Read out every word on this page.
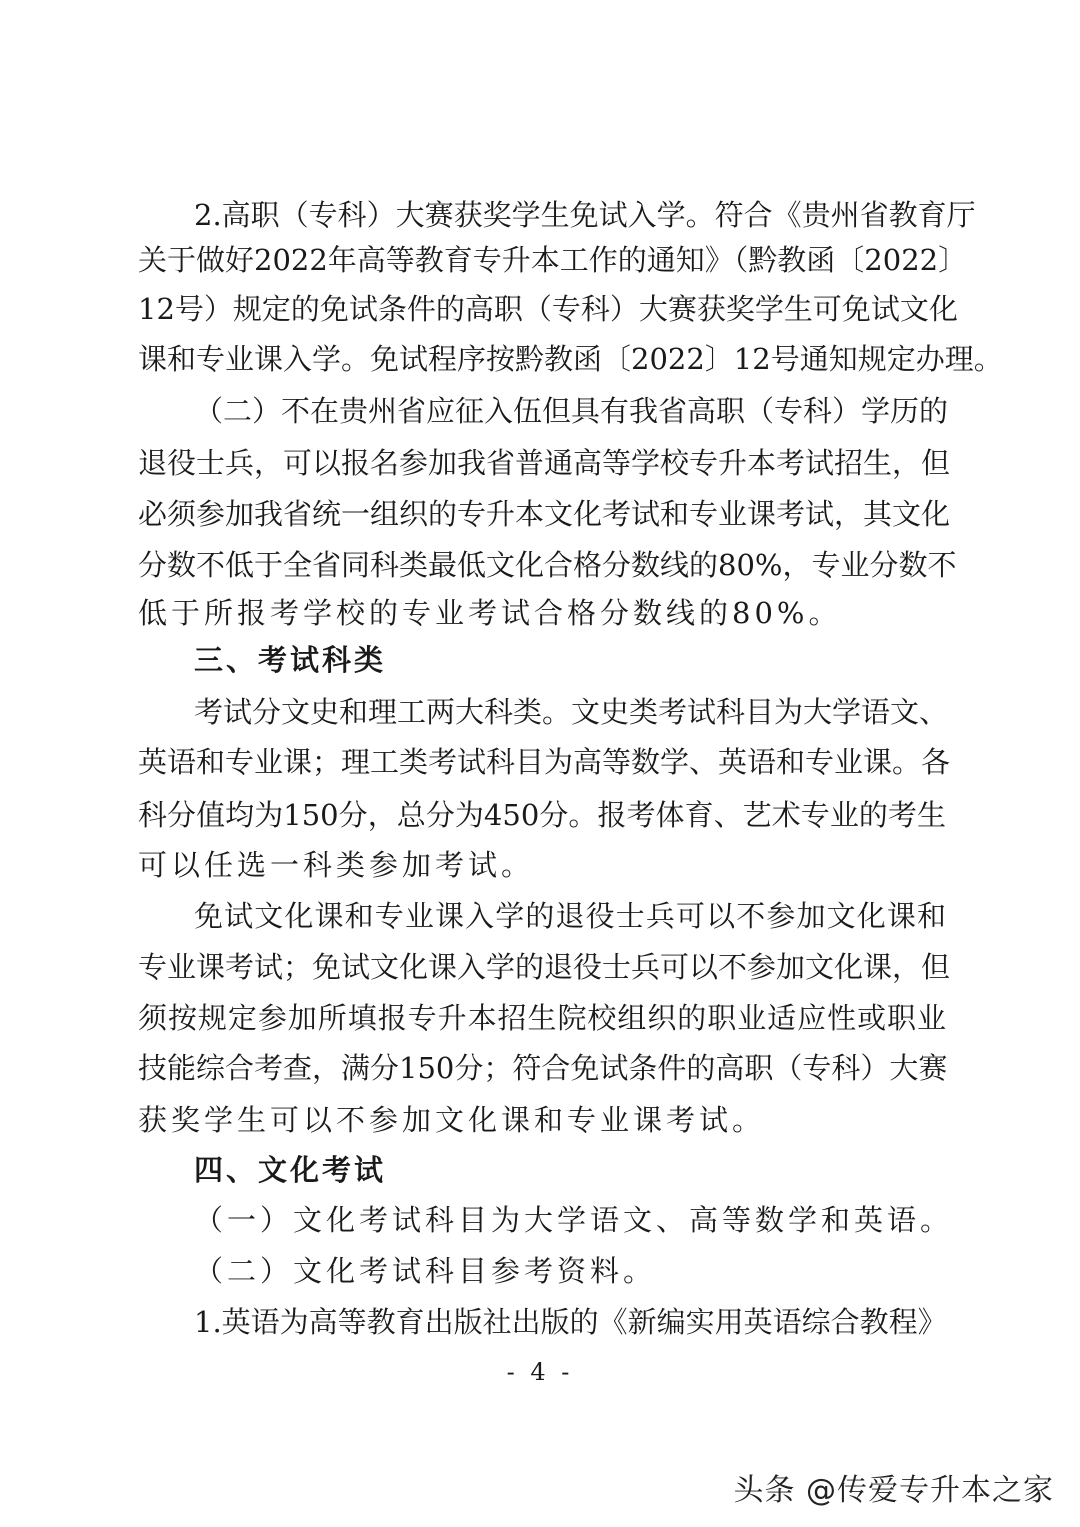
2.高职（专科）大赛获奖学生免试入学。符合《贵州省教育厅
关于做好2022年高等教育专升本工作的通知》（黔教函〔2022〕
12号）规定的免试条件的高职（专科）大赛获奖学生可免试文化
课和专业课入学。免试程序按黔教函〔2022〕12号通知规定办理。
（二）不在贵州省应征入伍但具有我省高职（专科）学历的
退役士兵，可以报名参加我省普通高等学校专升本考试招生，但
必须参加我省统一组织的专升本文化考试和专业课考试，其文化
分数不低于全省同科类最低文化合格分数线的80%，专业分数不
低于所报考学校的专业考试合格分数线的80%。
三、考试科类
考试分文史和理工两大科类。文史类考试科目为大学语文、
英语和专业课；理工类考试科目为高等数学、英语和专业课。各
科分值均为150分，总分为450分。报考体育、艺术专业的考生
可以任选一科类参加考试。
免试文化课和专业课入学的退役士兵可以不参加文化课和
专业课考试；免试文化课入学的退役士兵可以不参加文化课，但
须按规定参加所填报专升本招生院校组织的职业适应性或职业
技能综合考查，满分150分；符合免试条件的高职（专科）大赛
获奖学生可以不参加文化课和专业课考试。
四、文化考试
（一）文化考试科目为大学语文、高等数学和英语。
（二）文化考试科目参考资料。
1.英语为高等教育出版社出版的《新编实用英语综合教程》
- 4 -
头条 @传爱专升本之家
